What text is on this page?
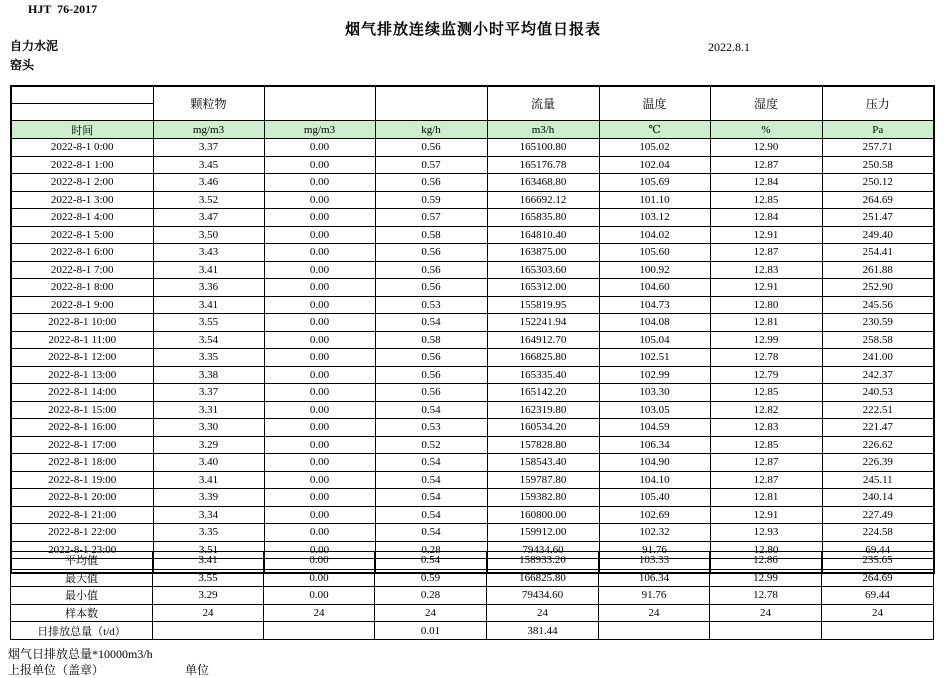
HJT  76-2017
烟气排放连续监测小时平均值日报表
2022.8.1
自力水泥
窑头
	颗粒物			流量	温度	湿度	压力
时间	mg/m3	mg/m3	kg/h	m3/h	℃	%	Pa
2022-8-1 0:00	3.37	0.00	0.56	165100.80	105.02	12.90	257.71
2022-8-1 1:00	3.45	0.00	0.57	165176.78	102.04	12.87	250.58
2022-8-1 2:00	3.46	0.00	0.56	163468.80	105.69	12.84	250.12
2022-8-1 3:00	3.52	0.00	0.59	166692.12	101.10	12.85	264.69
2022-8-1 4:00	3.47	0.00	0.57	165835.80	103.12	12.84	251.47
2022-8-1 5:00	3.50	0.00	0.58	164810.40	104.02	12.91	249.40
2022-8-1 6:00	3.43	0.00	0.56	163875.00	105.60	12.87	254.41
2022-8-1 7:00	3.41	0.00	0.56	165303.60	100.92	12.83	261.88
2022-8-1 8:00	3.36	0.00	0.56	165312.00	104.60	12.91	252.90
2022-8-1 9:00	3.41	0.00	0.53	155819.95	104.73	12.80	245.56
2022-8-1 10:00	3.55	0.00	0.54	152241.94	104.08	12.81	230.59
2022-8-1 11:00	3.54	0.00	0.58	164912.70	105.04	12.99	258.58
2022-8-1 12:00	3.35	0.00	0.56	166825.80	102.51	12.78	241.00
2022-8-1 13:00	3.38	0.00	0.56	165335.40	102.99	12.79	242.37
2022-8-1 14:00	3.37	0.00	0.56	165142.20	103.30	12.85	240.53
2022-8-1 15:00	3.31	0.00	0.54	162319.80	103.05	12.82	222.51
2022-8-1 16:00	3.30	0.00	0.53	160534.20	104.59	12.83	221.47
2022-8-1 17:00	3.29	0.00	0.52	157828.80	106.34	12.85	226.62
2022-8-1 18:00	3.40	0.00	0.54	158543.40	104.90	12.87	226.39
2022-8-1 19:00	3.41	0.00	0.54	159787.80	104.10	12.87	245.11
2022-8-1 20:00	3.39	0.00	0.54	159382.80	105.40	12.81	240.14
2022-8-1 21:00	3.34	0.00	0.54	160800.00	102.69	12.91	227.49
2022-8-1 22:00	3.35	0.00	0.54	159912.00	102.32	12.93	224.58
2022-8-1 23:00	3.51	0.00	0.28	79434.60	91.76	12.80	69.44

平均值	3.41	0.00	0.54	158933.20	103.33	12.86	235.65
最大值	3.55	0.00	0.59	166825.80	106.34	12.99	264.69
最小值	3.29	0.00	0.28	79434.60	91.76	12.78	69.44
样本数	24	24	24	24	24	24	24
日排放总量（t/d）			0.01	381.44			
烟气日排放总量*10000m3/h
上报单位（盖章）	单位
